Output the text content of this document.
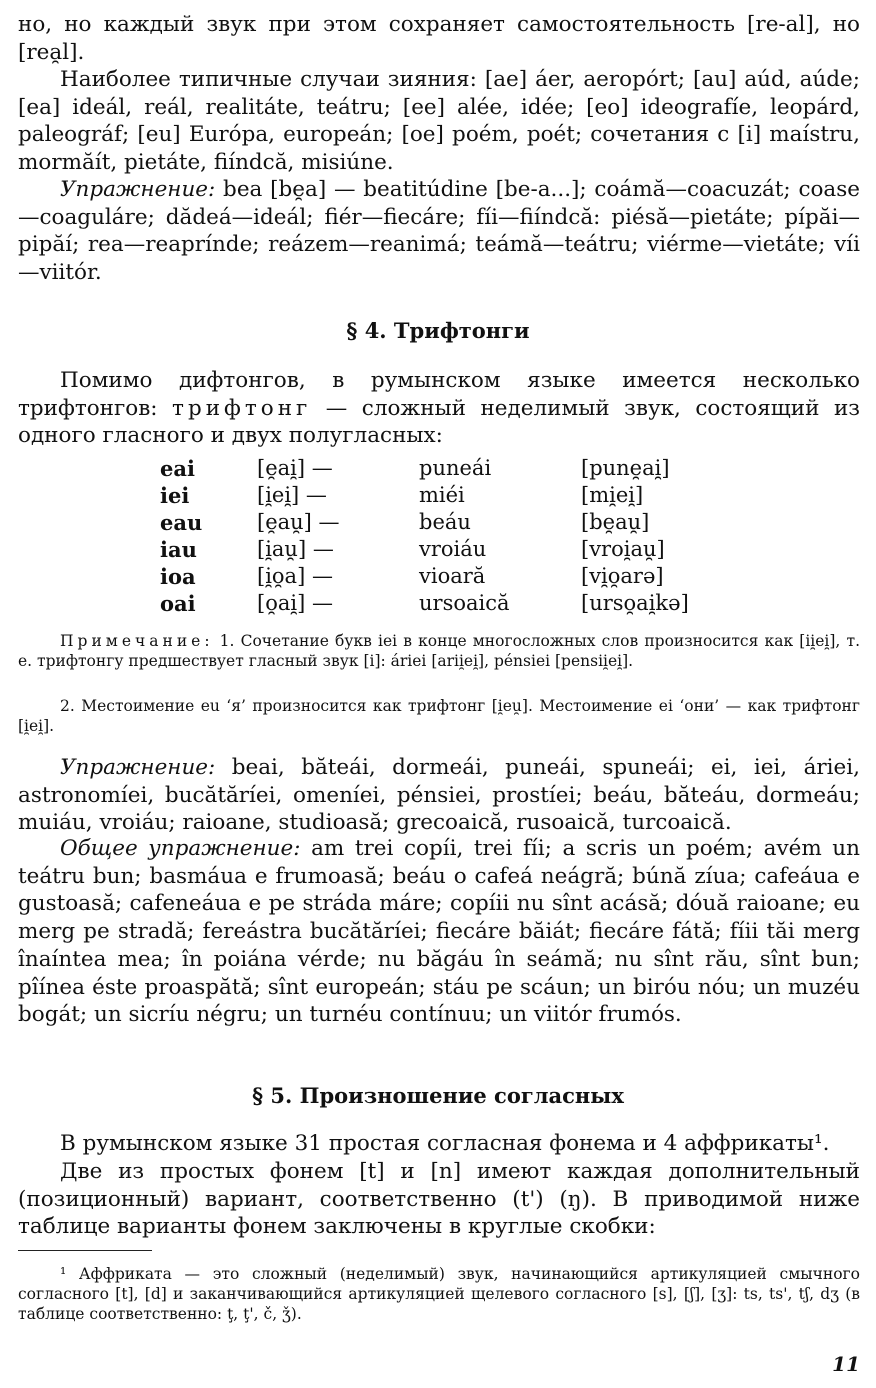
но, но каждый звук при этом сохраняет самостоятельность [re-al], но [rea̯l].

Наиболее типичные случаи зияния: [ae] áer, aeropórt; [au] aúd, aúde; [ea] ideál, reál, realitáte, teátru; [ee] alée, idée; [eo] ideografíe, leopárd, paleográf; [eu] Európa, europeán; [oe] poém, poét; сочетания с [i] maístru, mormăít, pietáte, fiíndcă, misiúne.

Упражнение: bea [be̯a] — beatitúdine [be-a...]; coámă—coacuzát; coase—coaguláre; dădeá—ideál; fiér—fiecáre; fíi—fiíndcă: piésă—pietáte; pípăi—pipăí; rea—reaprínde; reázem—reanimá; teámă—teátru; viérme—vietáte; víi—viitór.

§ 4. Трифтонги

Помимо дифтонгов, в румынском языке имеется несколько трифтонгов: трифтонг — сложный неделимый звук, состоящий из одного гласного и двух полугласных:

eai	[e̯ai̯] —	puneái	[pune̯ai̯]
iei	[i̯ei̯] —	miéi	[mi̯ei̯]
eau	[e̯au̯] —	beáu	[be̯au̯]
iau	[i̯au̯] —	vroiáu	[vroi̯au̯]
ioa	[i̯o̯a] —	vioară	[vi̯o̯arə]
oai	[o̯ai̯] —	ursoaică	[urso̯ai̯kə]

Примечание: 1. Сочетание букв iei в конце многосложных слов произносится как [ii̯ei̯], т. е. трифтонгу предшествует гласный звук [i]: áriei [arii̯ei̯], pénsiei [pensii̯ei̯].

2. Местоимение eu ‘я’ произносится как трифтонг [i̯eu̯]. Местоимение ei ‘они’ — как трифтонг [i̯ei̯].

Упражнение: beai, băteái, dormeái, puneái, spuneái; ei, iei, áriei, astronomíei, bucătăríei, omeníei, pénsiei, prostíei; beáu, băteáu, dormeáu; muiáu, vroiáu; raioane, studioasă; grecoaică, rusoaică, turcoaică.

Общее упражнение: am trei copíi, trei fíi; a scris un poém; avém un teátru bun; basmáua e frumoasă; beáu o cafeá neágră; búnă zíua; cafeáua e gustoasă; cafeneáua e pe stráda máre; copíii nu sînt acásă; dóuă raioane; eu merg pe stradă; fereástra bucătăríei; fiecáre băiát; fiecáre fátă; fíii tăi merg înaíntea mea; în poiána vérde; nu băgáu în seámă; nu sînt rău, sînt bun; pîínea éste proaspătă; sînt europeán; stáu pe scáun; un biróu nóu; un muzéu bogát; un sicríu négru; un turnéu contínuu; un viitór frumós.

§ 5. Произношение согласных

В румынском языке 31 простая согласная фонема и 4 аффрикаты¹.

Две из простых фонем [t] и [n] имеют каждая дополнительный (позиционный) вариант, соответственно (t') (ŋ). В приводимой ниже таблице варианты фонем заключены в круглые скобки:

¹ Аффриката — это сложный (неделимый) звук, начинающийся артикуляцией смычного согласного [t], [d] и заканчивающийся артикуляцией щелевого согласного [s], [ʃ], [ʒ]: ts, ts', tʃ, dʒ (в таблице соответственно: ţ, ţ', č, ǯ).

11
